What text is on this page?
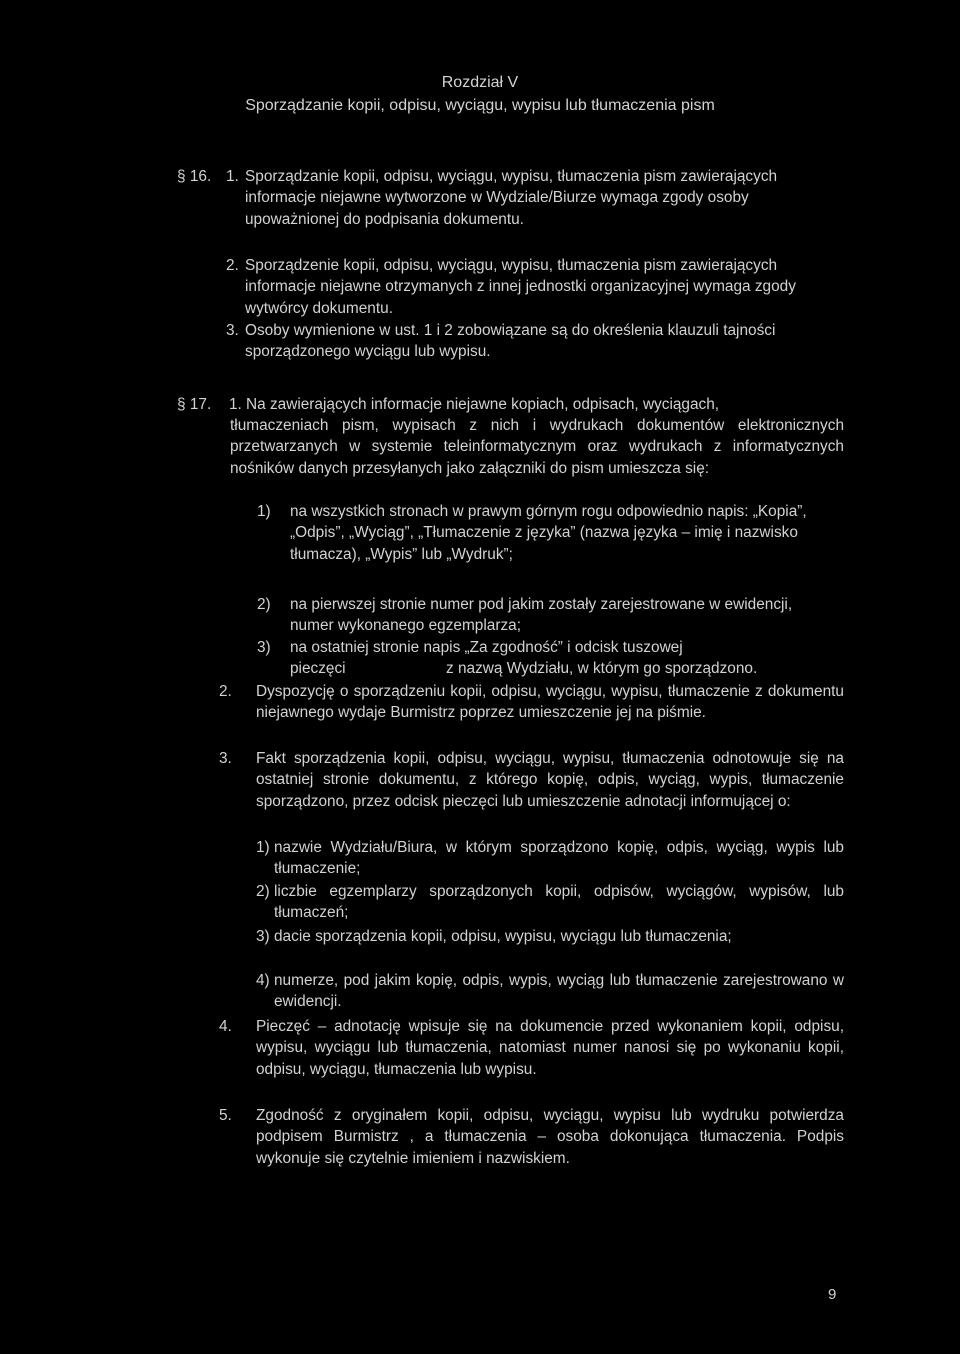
Rozdział V
Sporządzanie kopii, odpisu, wyciągu, wypisu lub tłumaczenia pism
§ 16. 1. Sporządzanie kopii, odpisu, wyciągu, wypisu, tłumaczenia pism zawierających informacje niejawne wytworzone w Wydziale/Biurze wymaga zgody osoby upoważnionej do podpisania dokumentu.

2. Sporządzenie kopii, odpisu, wyciągu, wypisu, tłumaczenia pism zawierających informacje niejawne otrzymanych z innej jednostki organizacyjnej wymaga zgody wytwórcy dokumentu.

3. Osoby wymienione w ust. 1 i 2 zobowiązane są do określenia klauzuli tajności sporządzonego wyciągu lub wypisu.

§ 17. 1. Na zawierających informacje niejawne kopiach, odpisach, wyciągach,

tłumaczeniach pism, wypisach z nich i wydrukach dokumentów elektronicznych przetwarzanych w systemie teleinformatycznym oraz wydrukach z informatycznych nośników danych przesyłanych jako załączniki do pism umieszcza się:

1) na wszystkich stronach w prawym górnym rogu odpowiednio napis: „Kopia”, „Odpis”, „Wyciąg”, „Tłumaczenie z języka” (nazwa języka – imię i nazwisko tłumacza), „Wypis” lub „Wydruk”;

2) na pierwszej stronie numer pod jakim zostały zarejestrowane w ewidencji, numer wykonanego egzemplarza;

3) na ostatniej stronie napis „Za zgodność” i odcisk tuszowej
pieczęci	z nazwą Wydziału, w którym go sporządzono.
2. Dyspozycję o sporządzeniu kopii, odpisu, wyciągu, wypisu, tłumaczenie z dokumentu niejawnego wydaje Burmistrz poprzez umieszczenie jej na piśmie.

3. Fakt sporządzenia kopii, odpisu, wyciągu, wypisu, tłumaczenia odnotowuje się na ostatniej stronie dokumentu, z którego kopię, odpis, wyciąg, wypis, tłumaczenie sporządzono, przez odcisk pieczęci lub umieszczenie adnotacji informującej o:

1) nazwie Wydziału/Biura, w którym sporządzono kopię, odpis, wyciąg, wypis lub tłumaczenie;

2) liczbie egzemplarzy sporządzonych kopii, odpisów, wyciągów, wypisów, lub tłumaczeń;

3) dacie sporządzenia kopii, odpisu, wypisu, wyciągu lub tłumaczenia;

4) numerze, pod jakim kopię, odpis, wypis, wyciąg lub tłumaczenie zarejestrowano w ewidencji.

4. Pieczęć – adnotację wpisuje się na dokumencie przed wykonaniem kopii, odpisu, wypisu, wyciągu lub tłumaczenia, natomiast numer nanosi się po wykonaniu kopii, odpisu, wyciągu, tłumaczenia lub wypisu.

5. Zgodność z oryginałem kopii, odpisu, wyciągu, wypisu lub wydruku potwierdza podpisem Burmistrz , a tłumaczenia – osoba dokonująca tłumaczenia. Podpis wykonuje się czytelnie imieniem i nazwiskiem.

9
